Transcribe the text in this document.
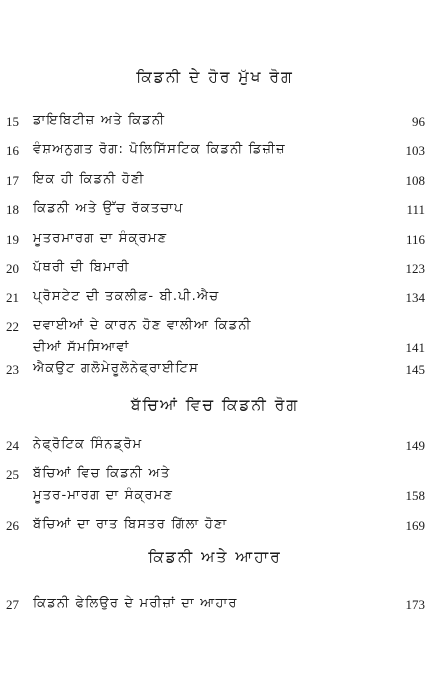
ਕਿਡਨੀ ਦੇ ਹੋਰ ਮੁੱਖ ਰੋਗ
15	ਡਾਇਬਿਟੀਜ਼ ਅਤੇ ਕਿਡਨੀ	96
16	ਵੰਸ਼ਅਨੁਗਤ ਰੋਗ: ਪੋਲਿਸਿੱਸਟਿਕ ਕਿਡਨੀ ਡਿਜ਼ੀਜ਼	103
17	ਇਕ ਹੀ ਕਿਡਨੀ ਹੋਣੀ	108
18	ਕਿਡਨੀ ਅਤੇ ਉੱਚ ਰੱਕਤਚਾਪ	111
19	ਮੂਤਰਮਾਰਗ ਦਾ ਸੰਕ੍ਰਮਣ	116
20	ਪੱਥਰੀ ਦੀ ਬਿਮਾਰੀ	123
21	ਪ੍ਰੋਸਟੇਟ ਦੀ ਤਕਲੀਫ਼- ਬੀ.ਪੀ.ਐਚ	134
22	ਦਵਾਈਆਂ ਦੇ ਕਾਰਨ ਹੋਣ ਵਾਲੀਆ ਕਿਡਨੀ
ਦੀਆਂ ਸੱਮਸਿਆਵਾਂ	141
23	ਐਕਉਟ ਗਲੋਮੇਰੂਲੋਨੇਫ੍ਰਾਈਟਿਸ	145
ਬੱਚਿਆਂ ਵਿਚ ਕਿਡਨੀ ਰੋਗ
24	ਨੇਫ੍ਰੋਟਿਕ ਸਿੰਨਡ੍ਰੋਮ	149
25	ਬੱਚਿਆਂ ਵਿਚ ਕਿਡਨੀ ਅਤੇ
ਮੂਤਰ-ਮਾਰਗ ਦਾ ਸੰਕ੍ਰਮਣ	158
26	ਬੱਚਿਆਂ ਦਾ ਰਾਤ ਬਿਸਤਰ ਗਿੱਲਾ ਹੋਣਾ	169
ਕਿਡਨੀ ਅਤੇ ਆਹਾਰ
27	ਕਿਡਨੀ ਫੇਲਿਉਰ ਦੇ ਮਰੀਜ਼ਾਂ ਦਾ ਆਹਾਰ	173
